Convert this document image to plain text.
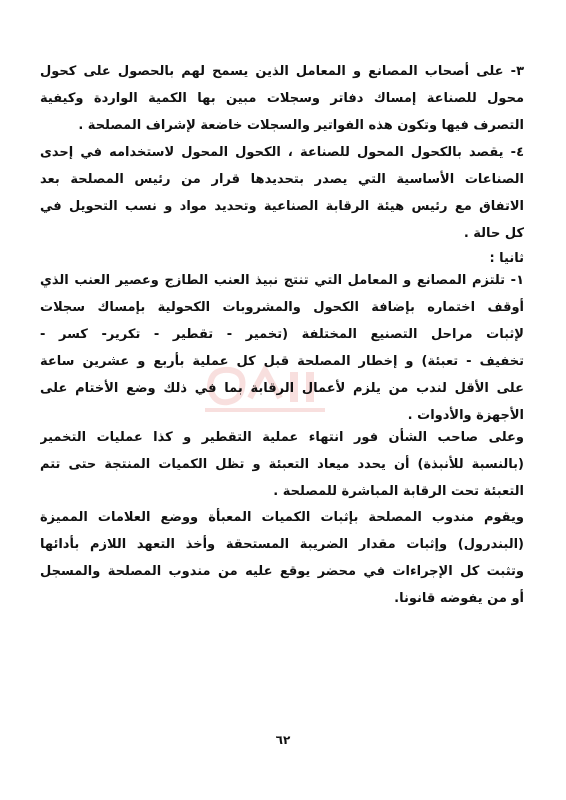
٣- على أصحاب المصانع و المعامل الذين يسمح لهم بالحصول على كحول
محول للصناعة إمساك دفاتر وسجلات مبين بها الكمية الواردة وكيفية
التصرف فيها وتكون هذه الفواتير والسجلات خاضعة لإشراف المصلحة .
٤- يقصد بالكحول المحول للصناعة ، الكحول المحول لاستخدامه في إحدى
الصناعات الأساسية التي يصدر بتحديدها قرار من رئيس المصلحة بعد
الاتفاق مع رئيس هيئة الرقابة الصناعية وتحديد مواد و نسب التحويل في
كل حالة .
ثانيا :
١- تلتزم المصانع و المعامل التي تنتج نبيذ العنب الطازج وعصير العنب الذي
أوقف اختماره بإضافة الكحول والمشروبات الكحولية بإمساك سجلات
لإثبات مراحل التصنيع المختلفة (تخمير - تقطير - تكرير- كسر -
تخفيف - تعبئة) و إخطار المصلحة قبل كل عملية بأربع و عشرين ساعة
على الأقل لندب من يلزم لأعمال الرقابة بما في ذلك وضع الأختام على
الأجهزة والأدوات .
وعلى صاحب الشأن فور انتهاء عملية التقطير و كذا عمليات التخمير
(بالنسبة للأنبذة) أن يحدد ميعاد التعبئة و تظل الكميات المنتجة حتى تتم
التعبئة تحت الرقابة المباشرة للمصلحة .
ويقوم مندوب المصلحة بإثبات الكميات المعبأة ووضع العلامات المميزة
(البندرول) وإثبات مقدار الضريبة المستحقة وأخذ التعهد اللازم بأدائها
وتثبت كل الإجراءات في محضر يوقع عليه من مندوب المصلحة والمسجل
أو من يفوضه قانونا.
٦٢
